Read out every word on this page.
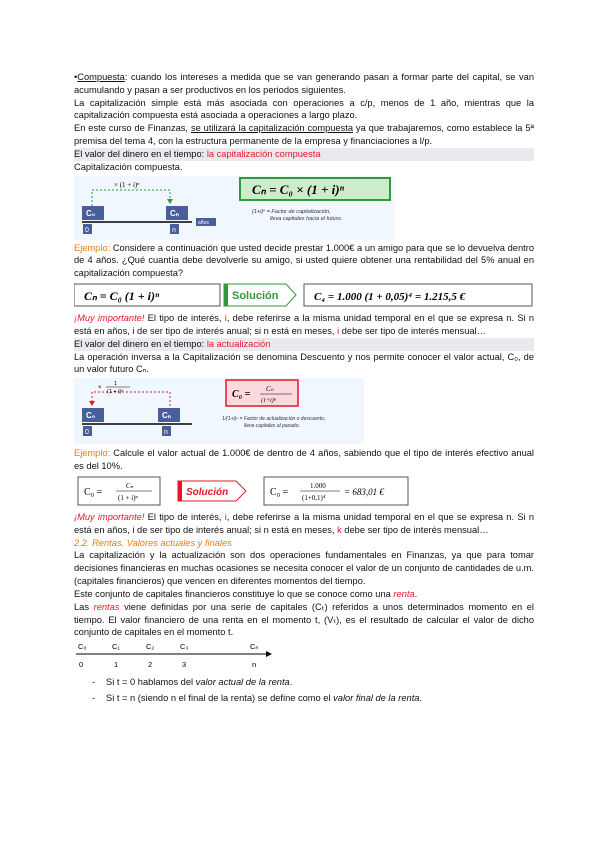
•Compuesta: cuando los intereses a medida que se van generando pasan a formar parte del capital, se van acumulando y pasan a ser productivos en los periodos siguientes.

La capitalización simple está más asociada con operaciones a c/p, menos de 1 año, mientras que la capitalización compuesta está asociada a operaciones a largo plazo.

En este curso de Finanzas, se utilizará la capitalización compuesta ya que trabajaremos, como establece la 5ª premisa del tema 4, con la estructura permanente de la empresa y financiaciones a l/p.

El valor del dinero en el tiempo: la capitalización compuesta

Capitalización compuesta.

× (1 + i)ⁿ
C₀	Cₙ
0	n
años
Cₙ = C₀ × (1 + i)ⁿ
(1+i)ⁿ = Factor de capitalización,
lleva capitales hacia el futuro.

Ejemplo: Considere a continuación que usted decide prestar 1.000€ a un amigo para que se lo devuelva dentro de 4 años. ¿Qué cuantía debe devolverle su amigo, si usted quiere obtener una rentabilidad del 5% anual en capitalización compuesta?

Cₙ = C₀ (1 + i)ⁿ	Solución	C₄ = 1.000 (1 + 0,05)⁴ = 1.215,5 €

¡Muy importante! El tipo de interés, i, debe referirse a la misma unidad temporal en el que se expresa n. Si n está en años, i de ser tipo de interés anual; si n está en meses, i debe ser tipo de interés mensual…

El valor del dinero en el tiempo: la actualización

La operación inversa a la Capitalización se denomina Descuento y nos permite conocer el valor actual, C₀, de un valor futuro Cₙ.

×
1
(1 + i)ⁿ
C₀	Cₙ
0	n
C₀ = Cₙ
(1+i)ⁿ
1/(1+i)ⁿ = Factor de actualización o descuento,
lleva capitales al pasado.

Ejemplo: Calcule el valor actual de 1.000€ de dentro de 4 años, sabiendo que el tipo de interés efectivo anual es del 10%.

C₀ =
Cₙ
(1 + i)ⁿ	Solución	C₀ =
1.000
(1+0,1)⁴
= 683,01 €

¡Muy importante! El tipo de interés, i, debe referirse a la misma unidad temporal en el que se expresa n. Si n está en años, i de ser tipo de interés anual; si n está en meses, k debe ser tipo de interés mensual…

2.2. Rentas. Valores actuales y finales

La capitalización y la actualización son dos operaciones fundamentales en Finanzas, ya que para tomar decisiones financieras en muchas ocasiones se necesita conocer el valor de un conjunto de cantidades de u.m. (capitales financieros) que vencen en diferentes momentos del tiempo.

Este conjunto de capitales financieros constituye lo que se conoce como una renta.

Las rentas viene definidas por una serie de capitales (Cₜ) referidos a unos determinados momento en el tiempo. El valor financiero de una renta en el momento t, (Vₜ), es el resultado de calcular el valor de dicho conjunto de capitales en el momento t.

C₀	C₁	C₂	C₃	Cₙ
0	1	2	3	n
- Si t = 0 hablamos del valor actual de la renta.
- Si t = n (siendo n el final de la renta) se define como el valor final de la renta.
